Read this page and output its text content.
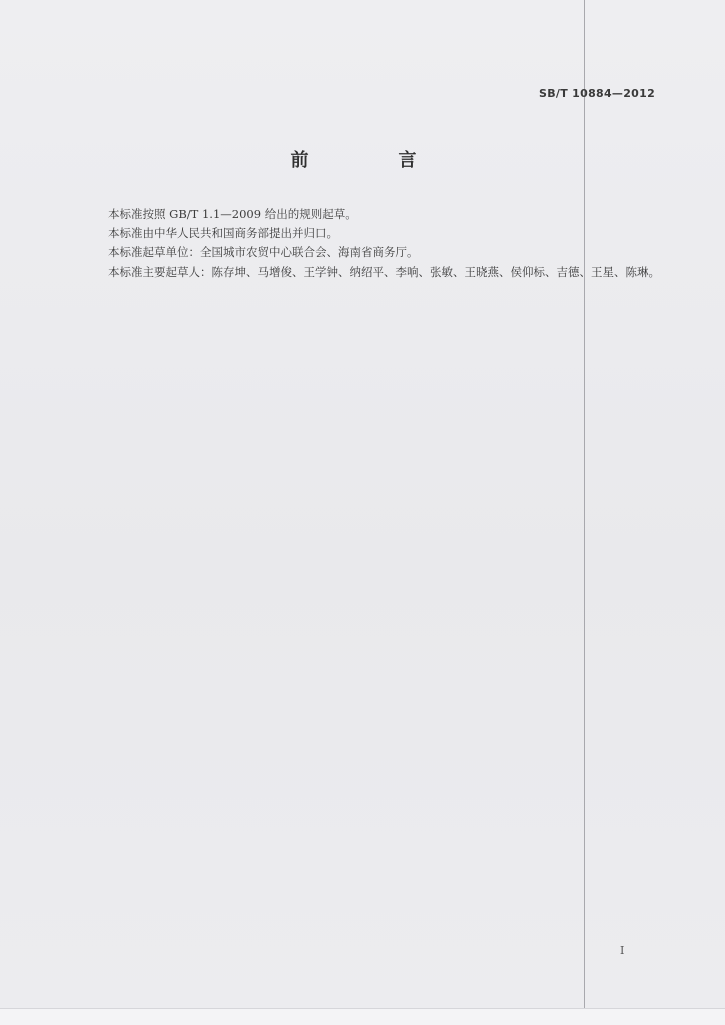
SB/T 10884—2012
前　言
本标准按照 GB/T 1.1—2009 给出的规则起草。
本标准由中华人民共和国商务部提出并归口。
本标准起草单位：全国城市农贸中心联合会、海南省商务厅。
本标准主要起草人：陈存坤、马增俊、王学钟、纳绍平、李响、张敏、王晓燕、侯仰标、吉德、王星、陈琳。
I
